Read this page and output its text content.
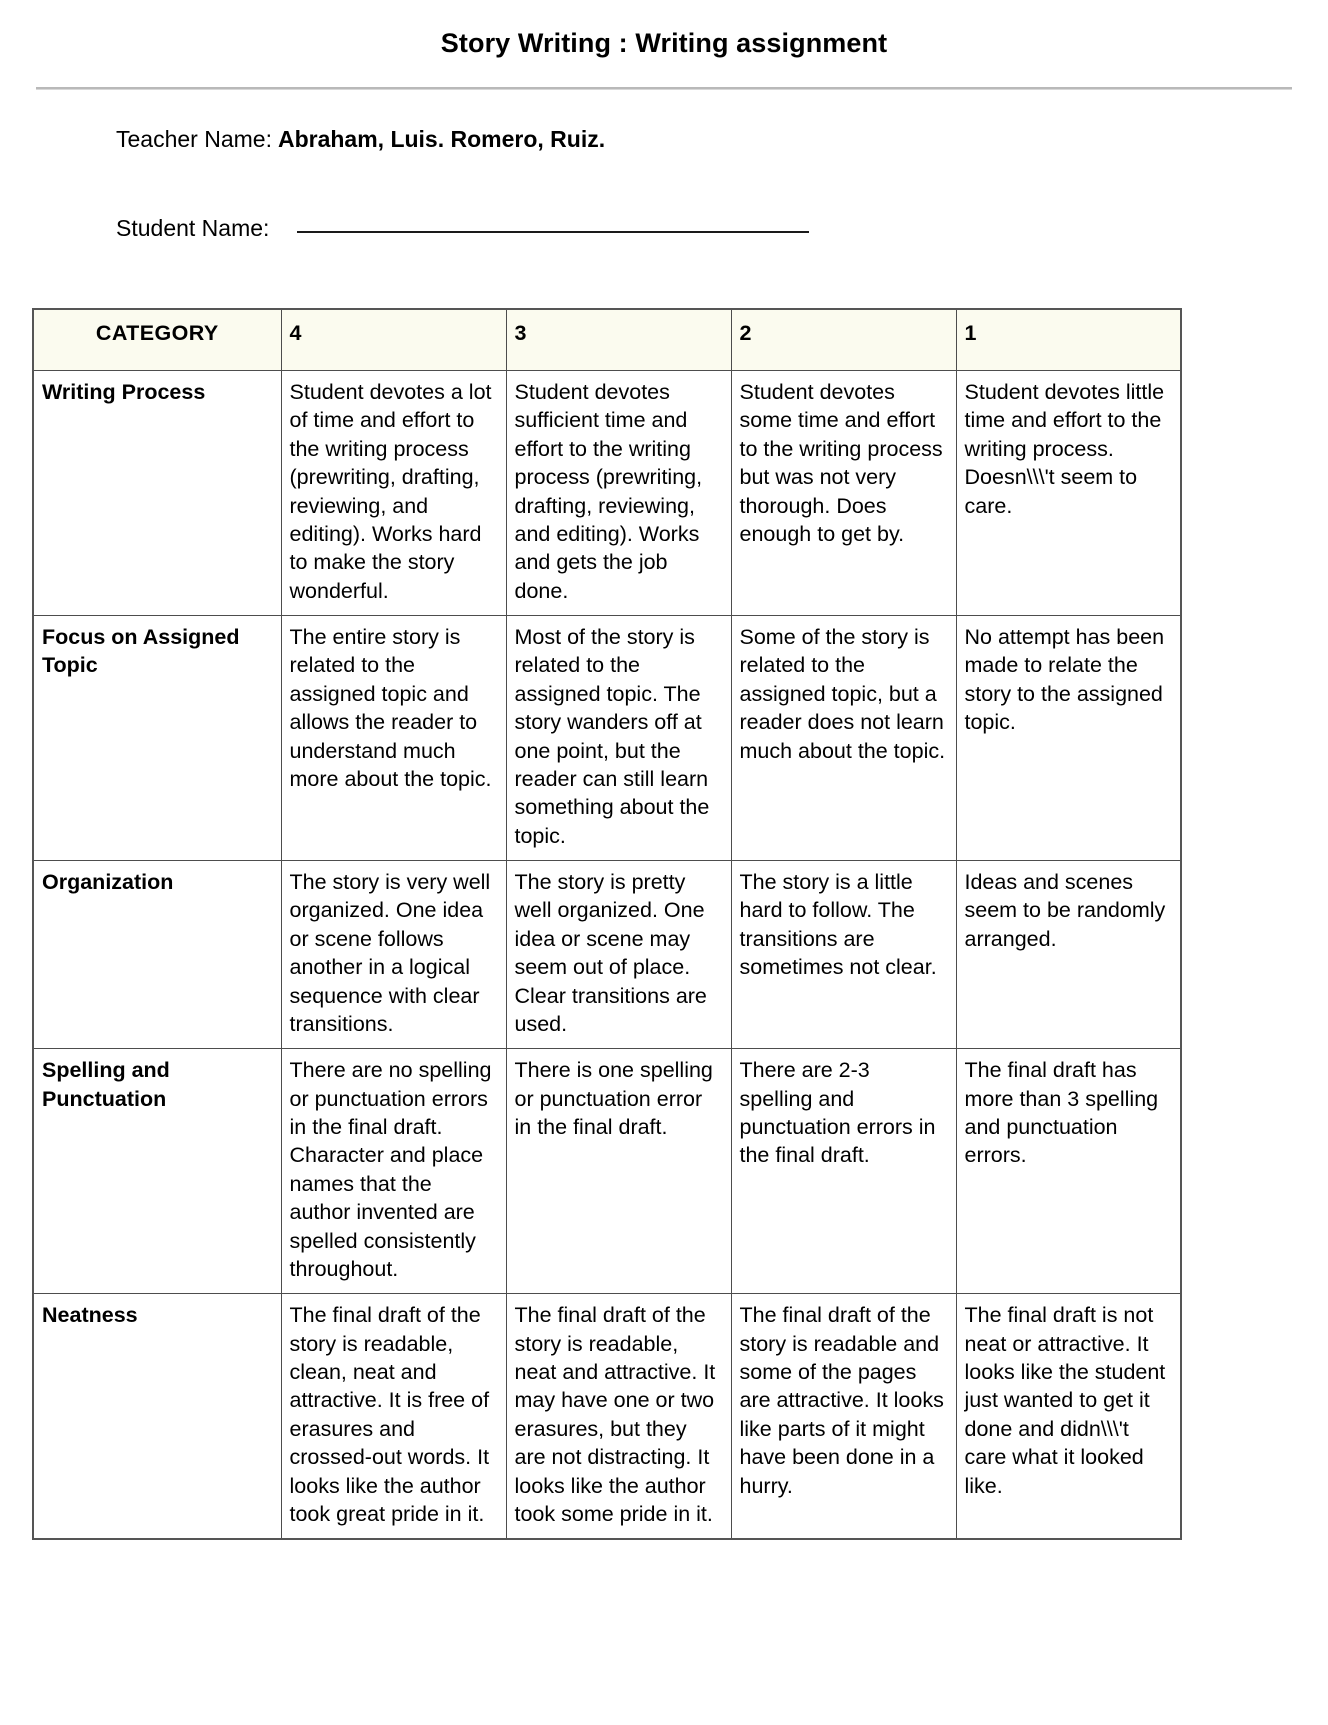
Story Writing : Writing assignment
Teacher Name: Abraham, Luis. Romero, Ruiz.
Student Name:
CATEGORY	4	3	2	1
Writing Process	Student devotes a lot of time and effort to the writing process (prewriting, drafting, reviewing, and editing). Works hard to make the story wonderful.	Student devotes sufficient time and effort to the writing process (prewriting, drafting, reviewing, and editing). Works and gets the job done.	Student devotes some time and effort to the writing process but was not very thorough. Does enough to get by.	Student devotes little time and effort to the writing process. Doesn\\\'t seem to care.
Focus on Assigned Topic	The entire story is related to the assigned topic and allows the reader to understand much more about the topic.	Most of the story is related to the assigned topic. The story wanders off at one point, but the reader can still learn something about the topic.	Some of the story is related to the assigned topic, but a reader does not learn much about the topic.	No attempt has been made to relate the story to the assigned topic.
Organization	The story is very well organized. One idea or scene follows another in a logical sequence with clear transitions.	The story is pretty well organized. One idea or scene may seem out of place. Clear transitions are used.	The story is a little hard to follow. The transitions are sometimes not clear.	Ideas and scenes seem to be randomly arranged.
Spelling and Punctuation	There are no spelling or punctuation errors in the final draft. Character and place names that the author invented are spelled consistently throughout.	There is one spelling or punctuation error in the final draft.	There are 2-3 spelling and punctuation errors in the final draft.	The final draft has more than 3 spelling and punctuation errors.
Neatness	The final draft of the story is readable, clean, neat and attractive. It is free of erasures and crossed-out words. It looks like the author took great pride in it.	The final draft of the story is readable, neat and attractive. It may have one or two erasures, but they are not distracting. It looks like the author took some pride in it.	The final draft of the story is readable and some of the pages are attractive. It looks like parts of it might have been done in a hurry.	The final draft is not neat or attractive. It looks like the student just wanted to get it done and didn\\\'t care what it looked like.
